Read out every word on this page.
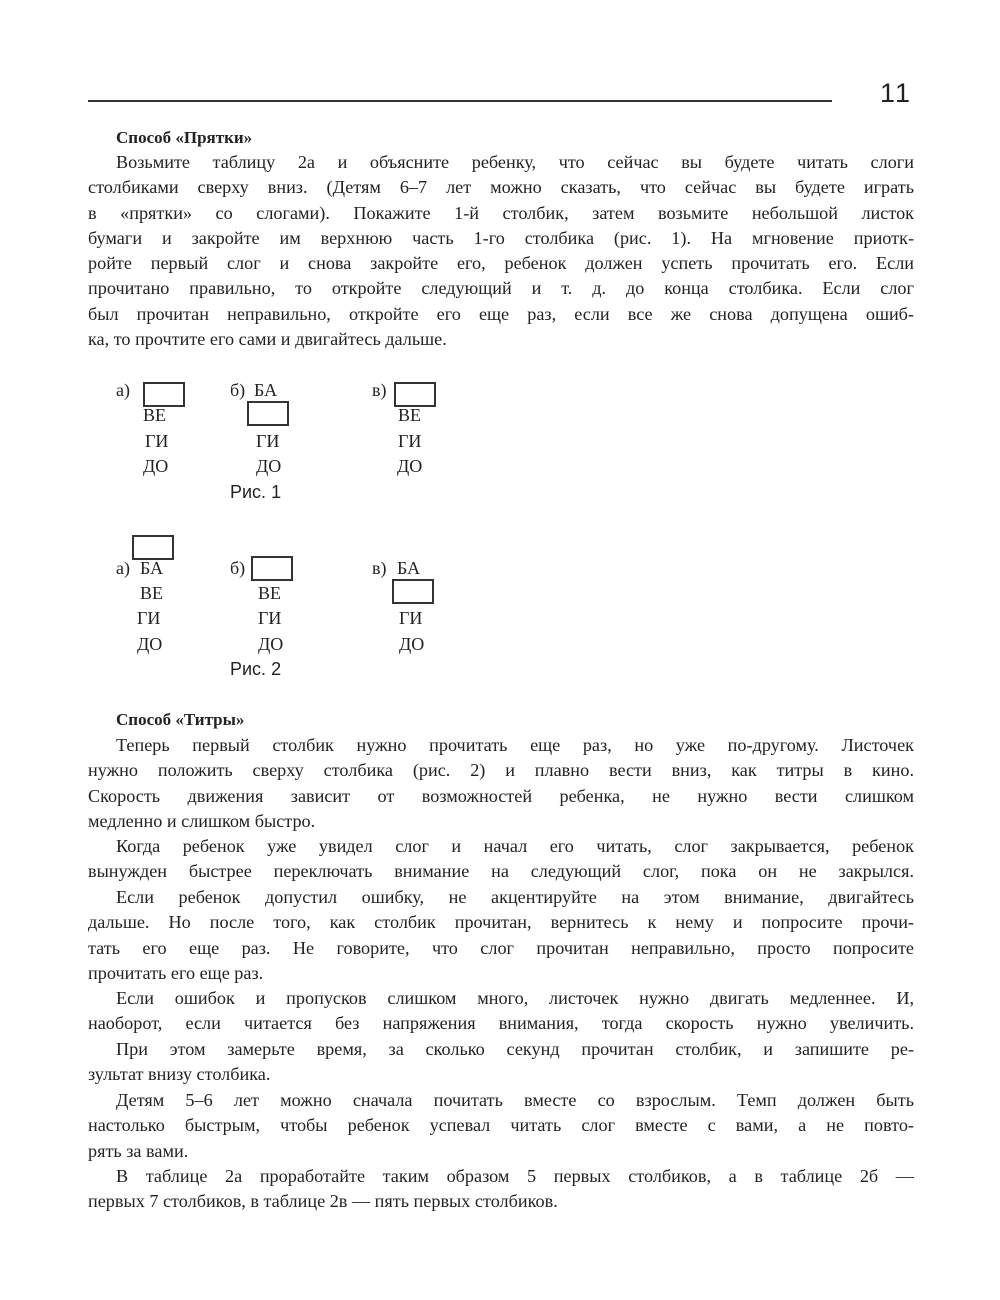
11
Способ «Прятки»
Возьмите таблицу 2а и объясните ребенку, что сейчас вы будете читать слоги
столбиками сверху вниз. (Детям 6–7 лет можно сказать, что сейчас вы будете играть
в «прятки» со слогами). Покажите 1-й столбик, затем возьмите небольшой листок
бумаги и закройте им верхнюю часть 1-го столбика (рис. 1). На мгновение приотк-
ройте первый слог и снова закройте его, ребенок должен успеть прочитать его. Если
прочитано правильно, то откройте следующий и т. д. до конца столбика. Если слог
был прочитан неправильно, откройте его еще раз, если все же снова допущена ошиб-
ка, то прочтите его сами и двигайтесь дальше.
а)
ВЕ
ГИ
ДО
б) БА
ГИ
ДО
в)
ВЕ
ГИ
ДО
Рис. 1
а) БА
ВЕ
ГИ
ДО
б)
ВЕ
ГИ
ДО
в) БА
ГИ
ДО
Рис. 2
Способ «Титры»
Теперь первый столбик нужно прочитать еще раз, но уже по-другому. Листочек
нужно положить сверху столбика (рис. 2) и плавно вести вниз, как титры в кино.
Скорость движения зависит от возможностей ребенка, не нужно вести слишком
медленно и слишком быстро.
Когда ребенок уже увидел слог и начал его читать, слог закрывается, ребенок
вынужден быстрее переключать внимание на следующий слог, пока он не закрылся.
Если ребенок допустил ошибку, не акцентируйте на этом внимание, двигайтесь
дальше. Но после того, как столбик прочитан, вернитесь к нему и попросите прочи-
тать его еще раз. Не говорите, что слог прочитан неправильно, просто попросите
прочитать его еще раз.
Если ошибок и пропусков слишком много, листочек нужно двигать медленнее. И,
наоборот, если читается без напряжения внимания, тогда скорость нужно увеличить.
При этом замерьте время, за сколько секунд прочитан столбик, и запишите ре-
зультат внизу столбика.
Детям 5–6 лет можно сначала почитать вместе со взрослым. Темп должен быть
настолько быстрым, чтобы ребенок успевал читать слог вместе с вами, а не повто-
рять за вами.
В таблице 2а проработайте таким образом 5 первых столбиков, а в таблице 2б —
первых 7 столбиков, в таблице 2в — пять первых столбиков.
